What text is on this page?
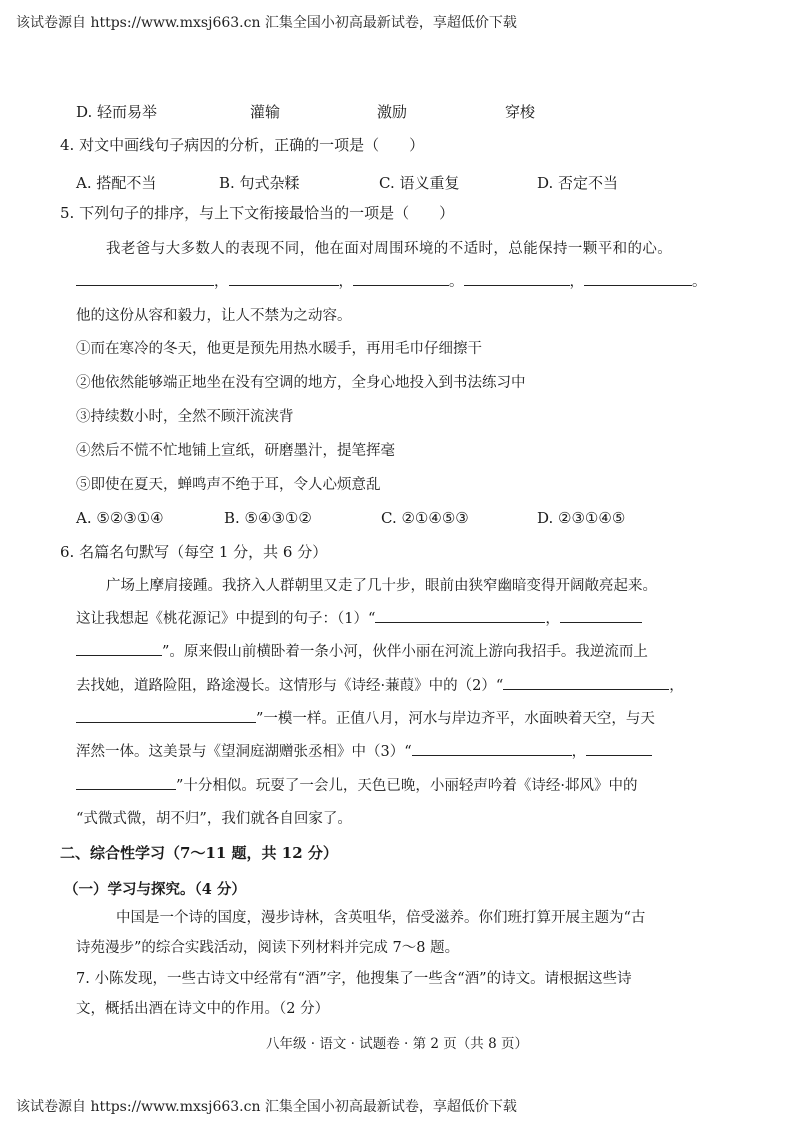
该试卷源自 https://www.mxsj663.cn 汇集全国小初高最新试卷，享超低价下载
D. 轻而易举	灌输	激励	穿梭
4. 对文中画线句子病因的分析，正确的一项是（　　）
A. 搭配不当	B. 句式杂糅	C. 语义重复	D. 否定不当
5. 下列句子的排序，与上下文衔接最恰当的一项是（　　）
我老爸与大多数人的表现不同，他在面对周围环境的不适时，总能保持一颗平和的心。
，	，	。	，	。
他的这份从容和毅力，让人不禁为之动容。
①而在寒冷的冬天，他更是预先用热水暖手，再用毛巾仔细擦干
②他依然能够端正地坐在没有空调的地方，全身心地投入到书法练习中
③持续数小时，全然不顾汗流浃背
④然后不慌不忙地铺上宣纸，研磨墨汁，提笔挥毫
⑤即使在夏天，蝉鸣声不绝于耳，令人心烦意乱
A. ⑤②③①④	B. ⑤④③①②	C. ②①④⑤③	D. ②③①④⑤
6. 名篇名句默写（每空 1 分，共 6 分）
广场上摩肩接踵。我挤入人群朝里又走了几十步，眼前由狭窄幽暗变得开阔敞亮起来。
这让我想起《桃花源记》中提到的句子：（1）“	，
”。原来假山前横卧着一条小河，伙伴小丽在河流上游向我招手。我逆流而上
去找她，道路险阻，路途漫长。这情形与《诗经·蒹葭》中的（2）“	，
”一模一样。正值八月，河水与岸边齐平，水面映着天空，与天
浑然一体。这美景与《望洞庭湖赠张丞相》中（3）“	，
”十分相似。玩耍了一会儿，天色已晚，小丽轻声吟着《诗经·邶风》中的
“式微式微，胡不归”，我们就各自回家了。
二、综合性学习（7～11 题，共 12 分）
（一）学习与探究。（4 分）
中国是一个诗的国度，漫步诗林，含英咀华，倍受滋养。你们班打算开展主题为“古
诗苑漫步”的综合实践活动，阅读下列材料并完成 7～8 题。
7. 小陈发现，一些古诗文中经常有“酒”字，他搜集了一些含“酒”的诗文。请根据这些诗
文，概括出酒在诗文中的作用。（2 分）
八年级 · 语文 · 试题卷 · 第 2 页（共 8 页）
该试卷源自 https://www.mxsj663.cn 汇集全国小初高最新试卷，享超低价下载
